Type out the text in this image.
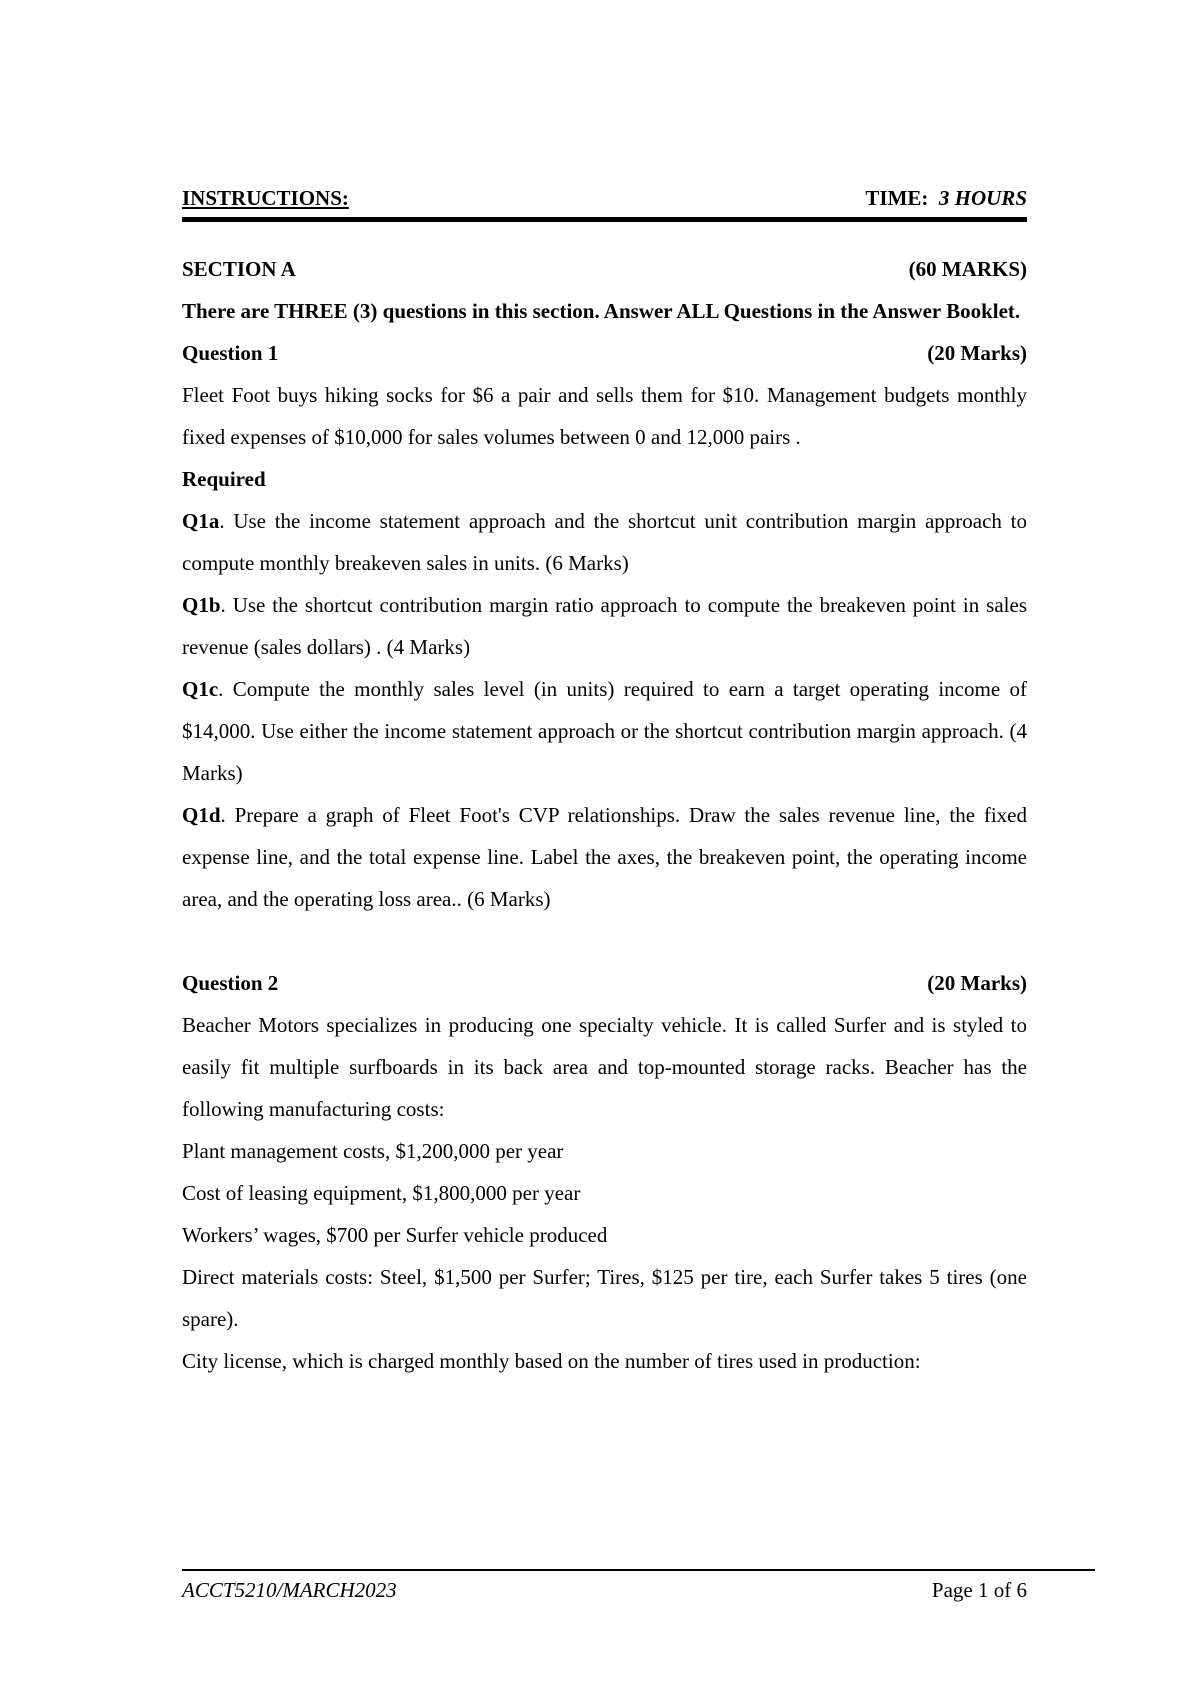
INSTRUCTIONS:	TIME: 3 HOURS
SECTION A	(60 MARKS)
There are THREE (3) questions in this section. Answer ALL Questions in the Answer Booklet.
Question 1	(20 Marks)
Fleet Foot buys hiking socks for $6 a pair and sells them for $10. Management budgets monthly fixed expenses of $10,000 for sales volumes between 0 and 12,000 pairs .
Required
Q1a. Use the income statement approach and the shortcut unit contribution margin approach to compute monthly breakeven sales in units. (6 Marks)
Q1b. Use the shortcut contribution margin ratio approach to compute the breakeven point in sales revenue (sales dollars) . (4 Marks)
Q1c. Compute the monthly sales level (in units) required to earn a target operating income of $14,000. Use either the income statement approach or the shortcut contribution margin approach. (4 Marks)
Q1d. Prepare a graph of Fleet Foot's CVP relationships. Draw the sales revenue line, the fixed expense line, and the total expense line. Label the axes, the breakeven point, the operating income area, and the operating loss area.. (6 Marks)
Question 2	(20 Marks)
Beacher Motors specializes in producing one specialty vehicle. It is called Surfer and is styled to easily fit multiple surfboards in its back area and top-mounted storage racks. Beacher has the following manufacturing costs:
Plant management costs, $1,200,000 per year
Cost of leasing equipment, $1,800,000 per year
Workers’ wages, $700 per Surfer vehicle produced
Direct materials costs: Steel, $1,500 per Surfer; Tires, $125 per tire, each Surfer takes 5 tires (one spare).
City license, which is charged monthly based on the number of tires used in production:
ACCT5210/MARCH2023	Page 1 of 6
